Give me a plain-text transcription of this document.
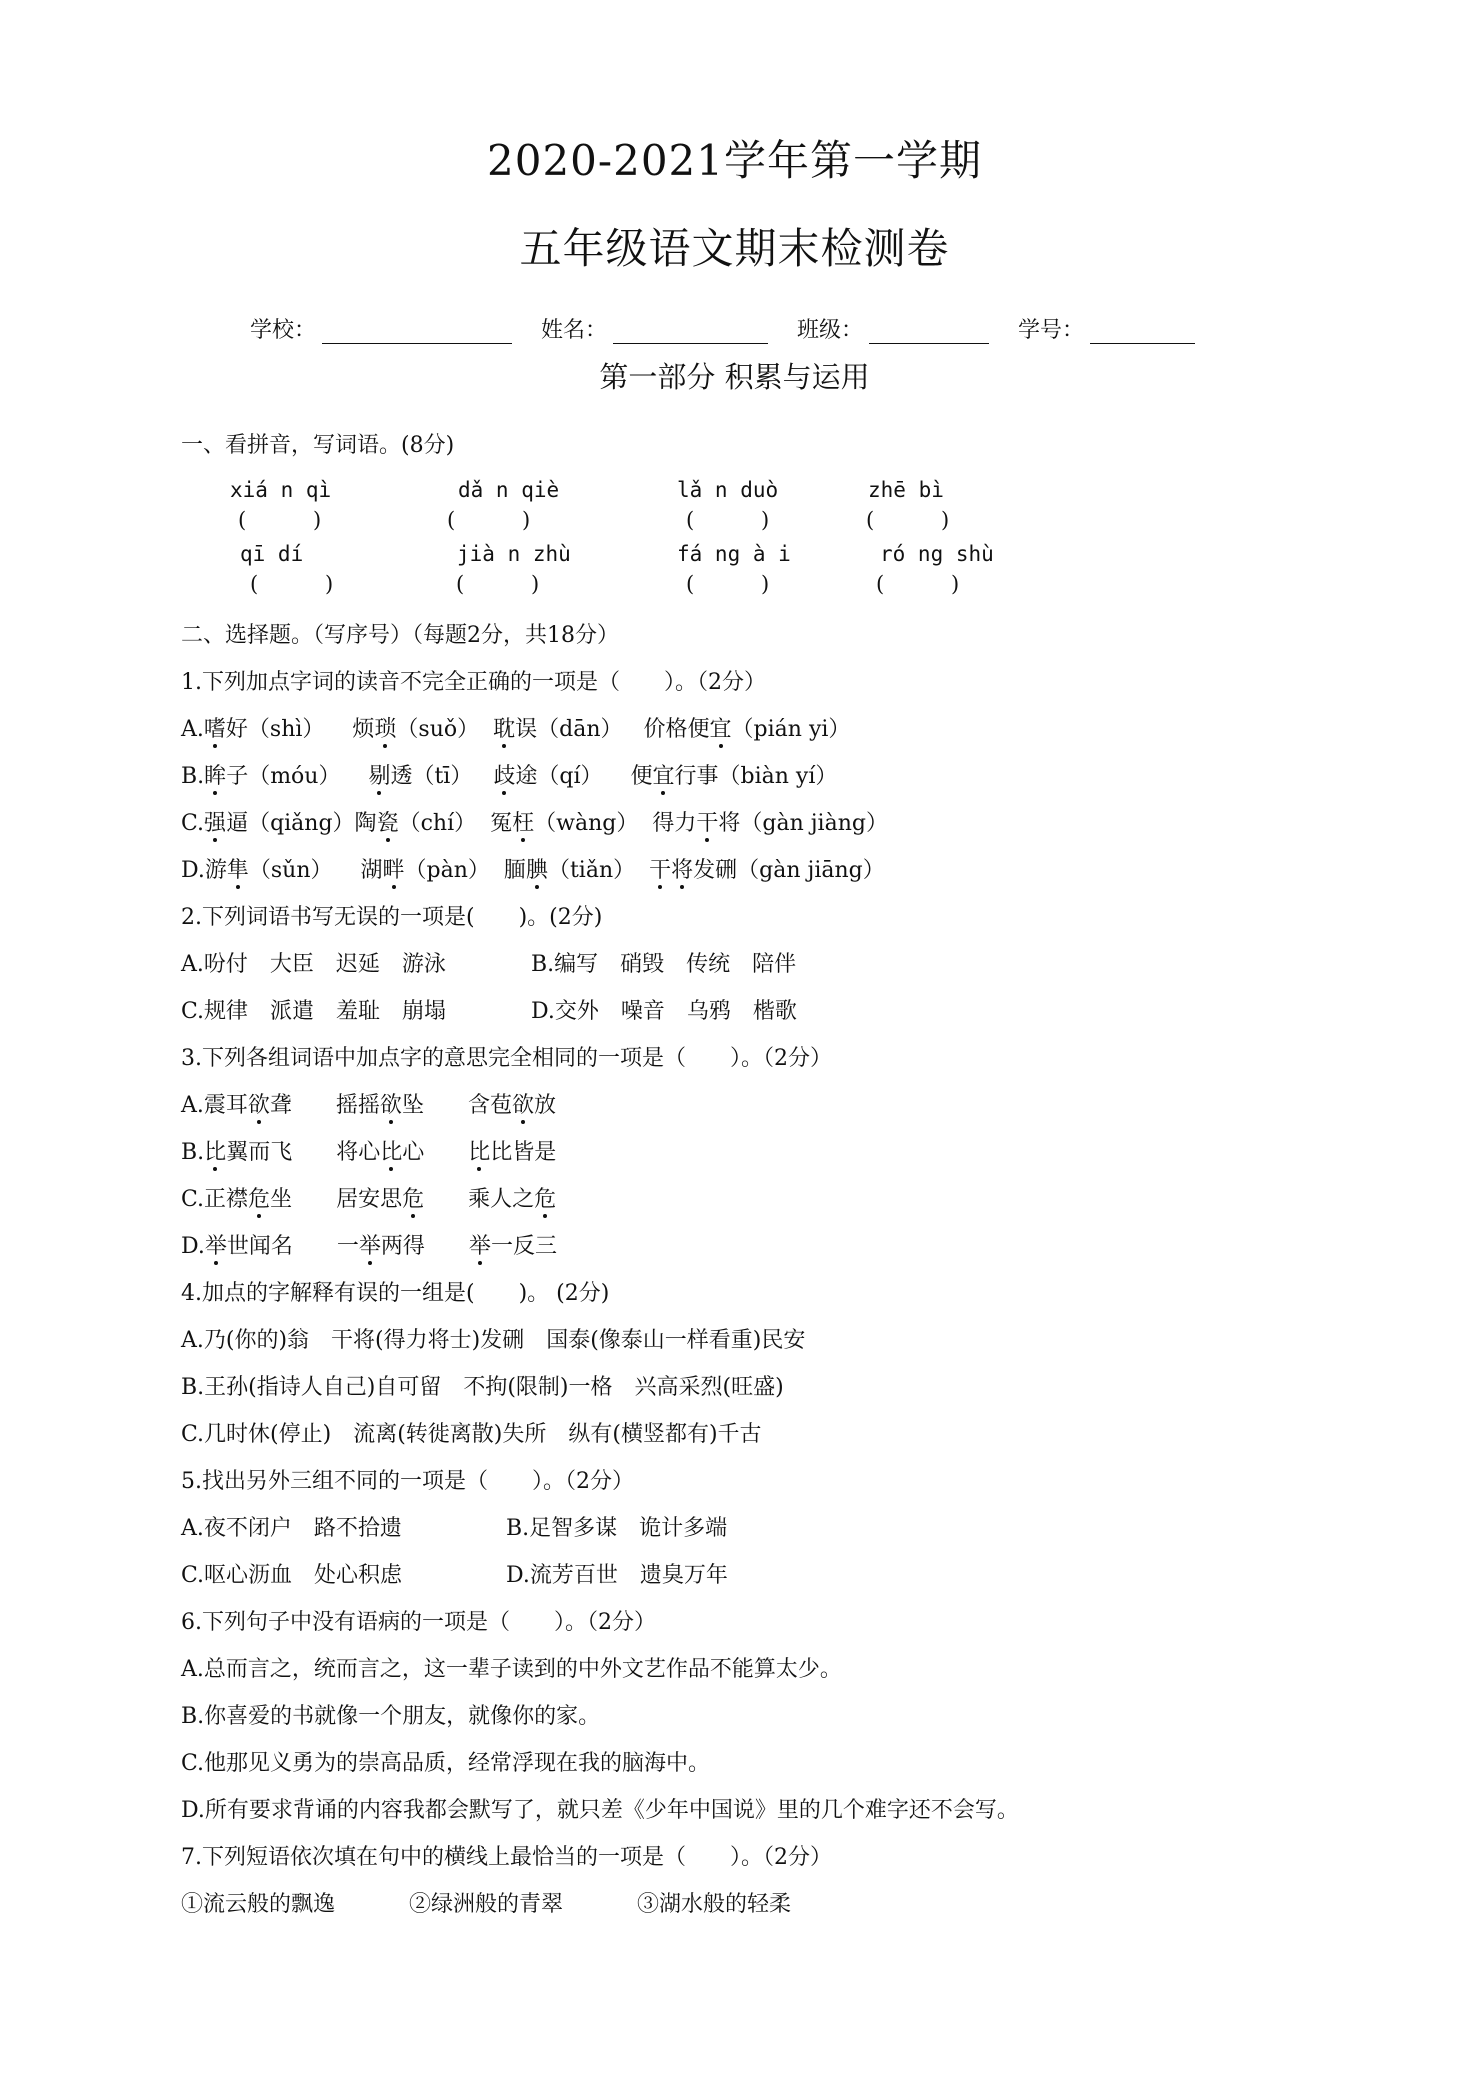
2020-2021学年第一学期
五年级语文期末检测卷
学校：	姓名：	班级：	学号：
第一部分 积累与运用
一、看拼音，写词语。(8分)
xiá n qì	dǎ n qiè	lǎ n duò	zhē bì
(          )	(          )	(          )	(          )
qī dí	jià n zhù	fá ng à i	ró ng shù
(          )	(          )	(          )	(          )
二、选择题。（写序号）（每题2分，共18分）
1.下列加点字词的读音不完全正确的一项是（　　）。（2分）
A.嗜好（shì） 烦琐（suǒ） 耽误（dān） 价格便宜（pián yi）
B.眸子（móu） 剔透（tī） 歧途（qí） 便宜行事（biàn yí）
C.强逼（qiǎng）陶瓷（chí） 冤枉（wàng） 得力干将（gàn jiàng）
D.游隼（sǔn） 湖畔（pàn） 腼腆（tiǎn） 干将发硎（gàn jiāng）
2.下列词语书写无误的一项是(　　)。(2分)
A.吩付　大臣　迟延　游泳	B.编写　硝毁　传统　陪伴
C.规律　派遣　羞耻　崩塌	D.交外　噪音　乌鸦　楷歌
3.下列各组词语中加点字的意思完全相同的一项是（　　）。（2分）
A.震耳欲聋　　摇摇欲坠　　含苞欲放
B.比翼而飞　　将心比心　　比比皆是
C.正襟危坐　　居安思危　　乘人之危
D.举世闻名　　一举两得　　举一反三
4.加点的字解释有误的一组是(　　)。 (2分)
A.乃(你的)翁　干将(得力将士)发硎　国泰(像泰山一样看重)民安
B.王孙(指诗人自己)自可留　不拘(限制)一格　兴高采烈(旺盛)
C.几时休(停止)　流离(转徙离散)失所　纵有(横竖都有)千古
5.找出另外三组不同的一项是（　　）。（2分）
A.夜不闭户　路不拾遗	B.足智多谋　诡计多端
C.呕心沥血　处心积虑	D.流芳百世　遗臭万年
6.下列句子中没有语病的一项是（　　）。（2分）
A.总而言之，统而言之，这一辈子读到的中外文艺作品不能算太少。
B.你喜爱的书就像一个朋友，就像你的家。
C.他那见义勇为的崇高品质，经常浮现在我的脑海中。
D.所有要求背诵的内容我都会默写了，就只差《少年中国说》里的几个难字还不会写。
7.下列短语依次填在句中的横线上最恰当的一项是（　　）。（2分）
①流云般的飘逸	②绿洲般的青翠	③湖水般的轻柔
